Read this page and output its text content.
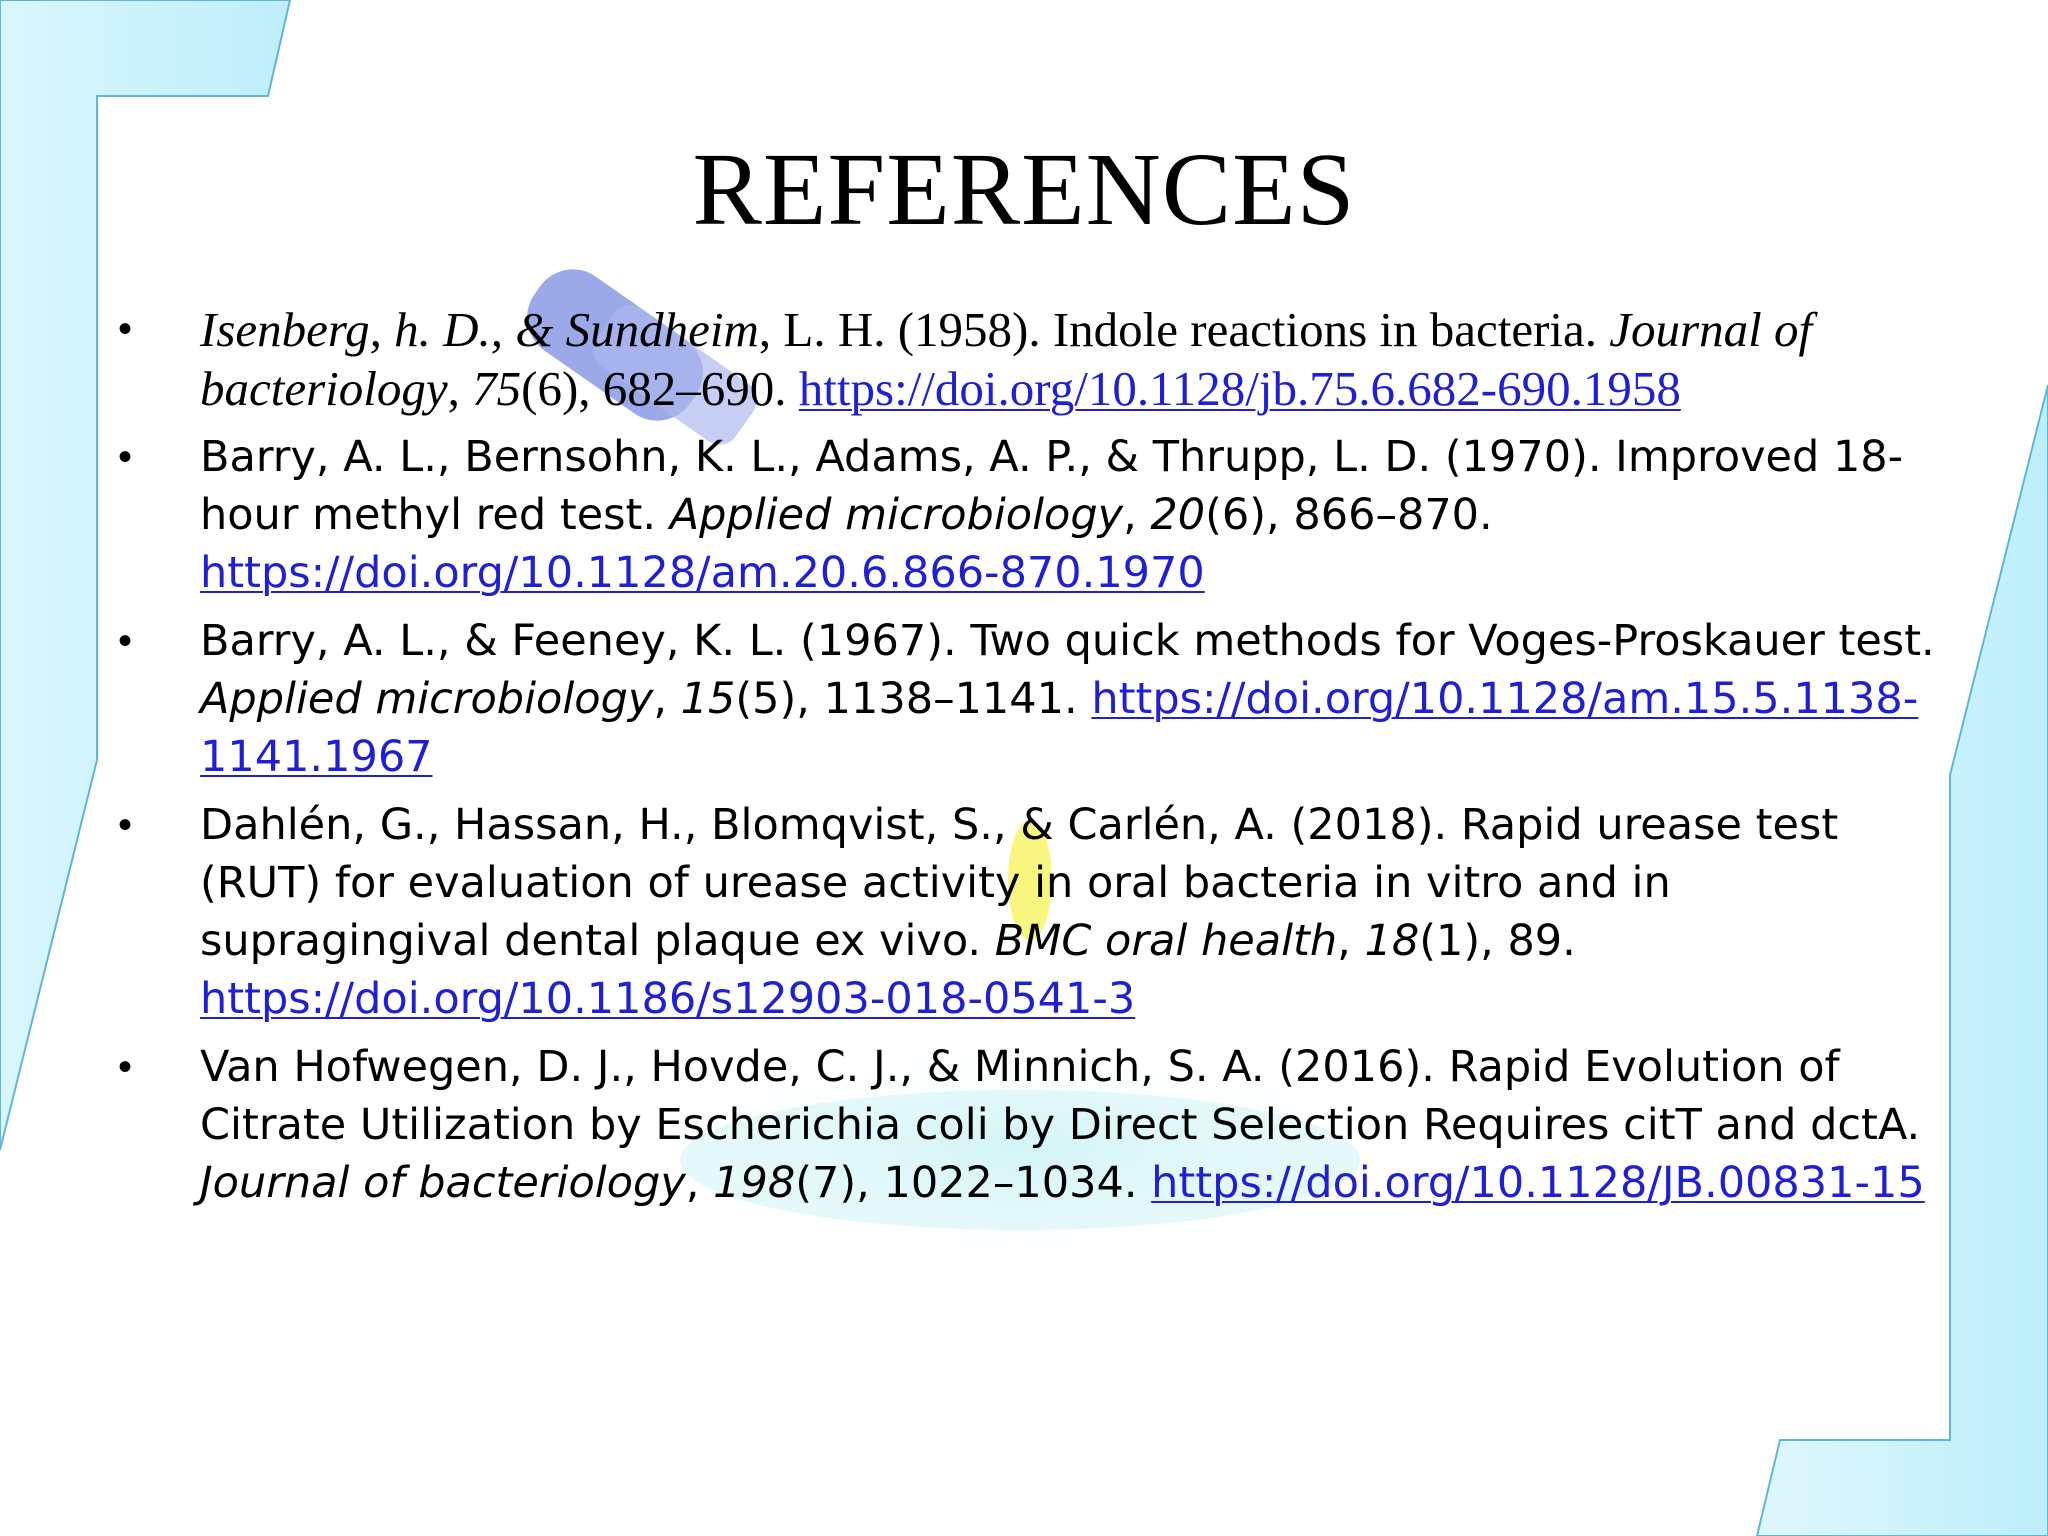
REFERENCES
• Isenberg, h. D., & Sundheim, L. H. (1958). Indole reactions in bacteria. Journal of bacteriology, 75(6), 682–690. https://doi.org/10.1128/jb.75.6.682-690.1958
• Barry, A. L., Bernsohn, K. L., Adams, A. P., & Thrupp, L. D. (1970). Improved 18-hour methyl red test. Applied microbiology, 20(6), 866–870. https://doi.org/10.1128/am.20.6.866-870.1970
• Barry, A. L., & Feeney, K. L. (1967). Two quick methods for Voges-Proskauer test. Applied microbiology, 15(5), 1138–1141. https://doi.org/10.1128/am.15.5.1138-1141.1967
• Dahlén, G., Hassan, H., Blomqvist, S., & Carlén, A. (2018). Rapid urease test (RUT) for evaluation of urease activity in oral bacteria in vitro and in supragingival dental plaque ex vivo. BMC oral health, 18(1), 89. https://doi.org/10.1186/s12903-018-0541-3
• Van Hofwegen, D. J., Hovde, C. J., & Minnich, S. A. (2016). Rapid Evolution of Citrate Utilization by Escherichia coli by Direct Selection Requires citT and dctA. Journal of bacteriology, 198(7), 1022–1034. https://doi.org/10.1128/JB.00831-15
